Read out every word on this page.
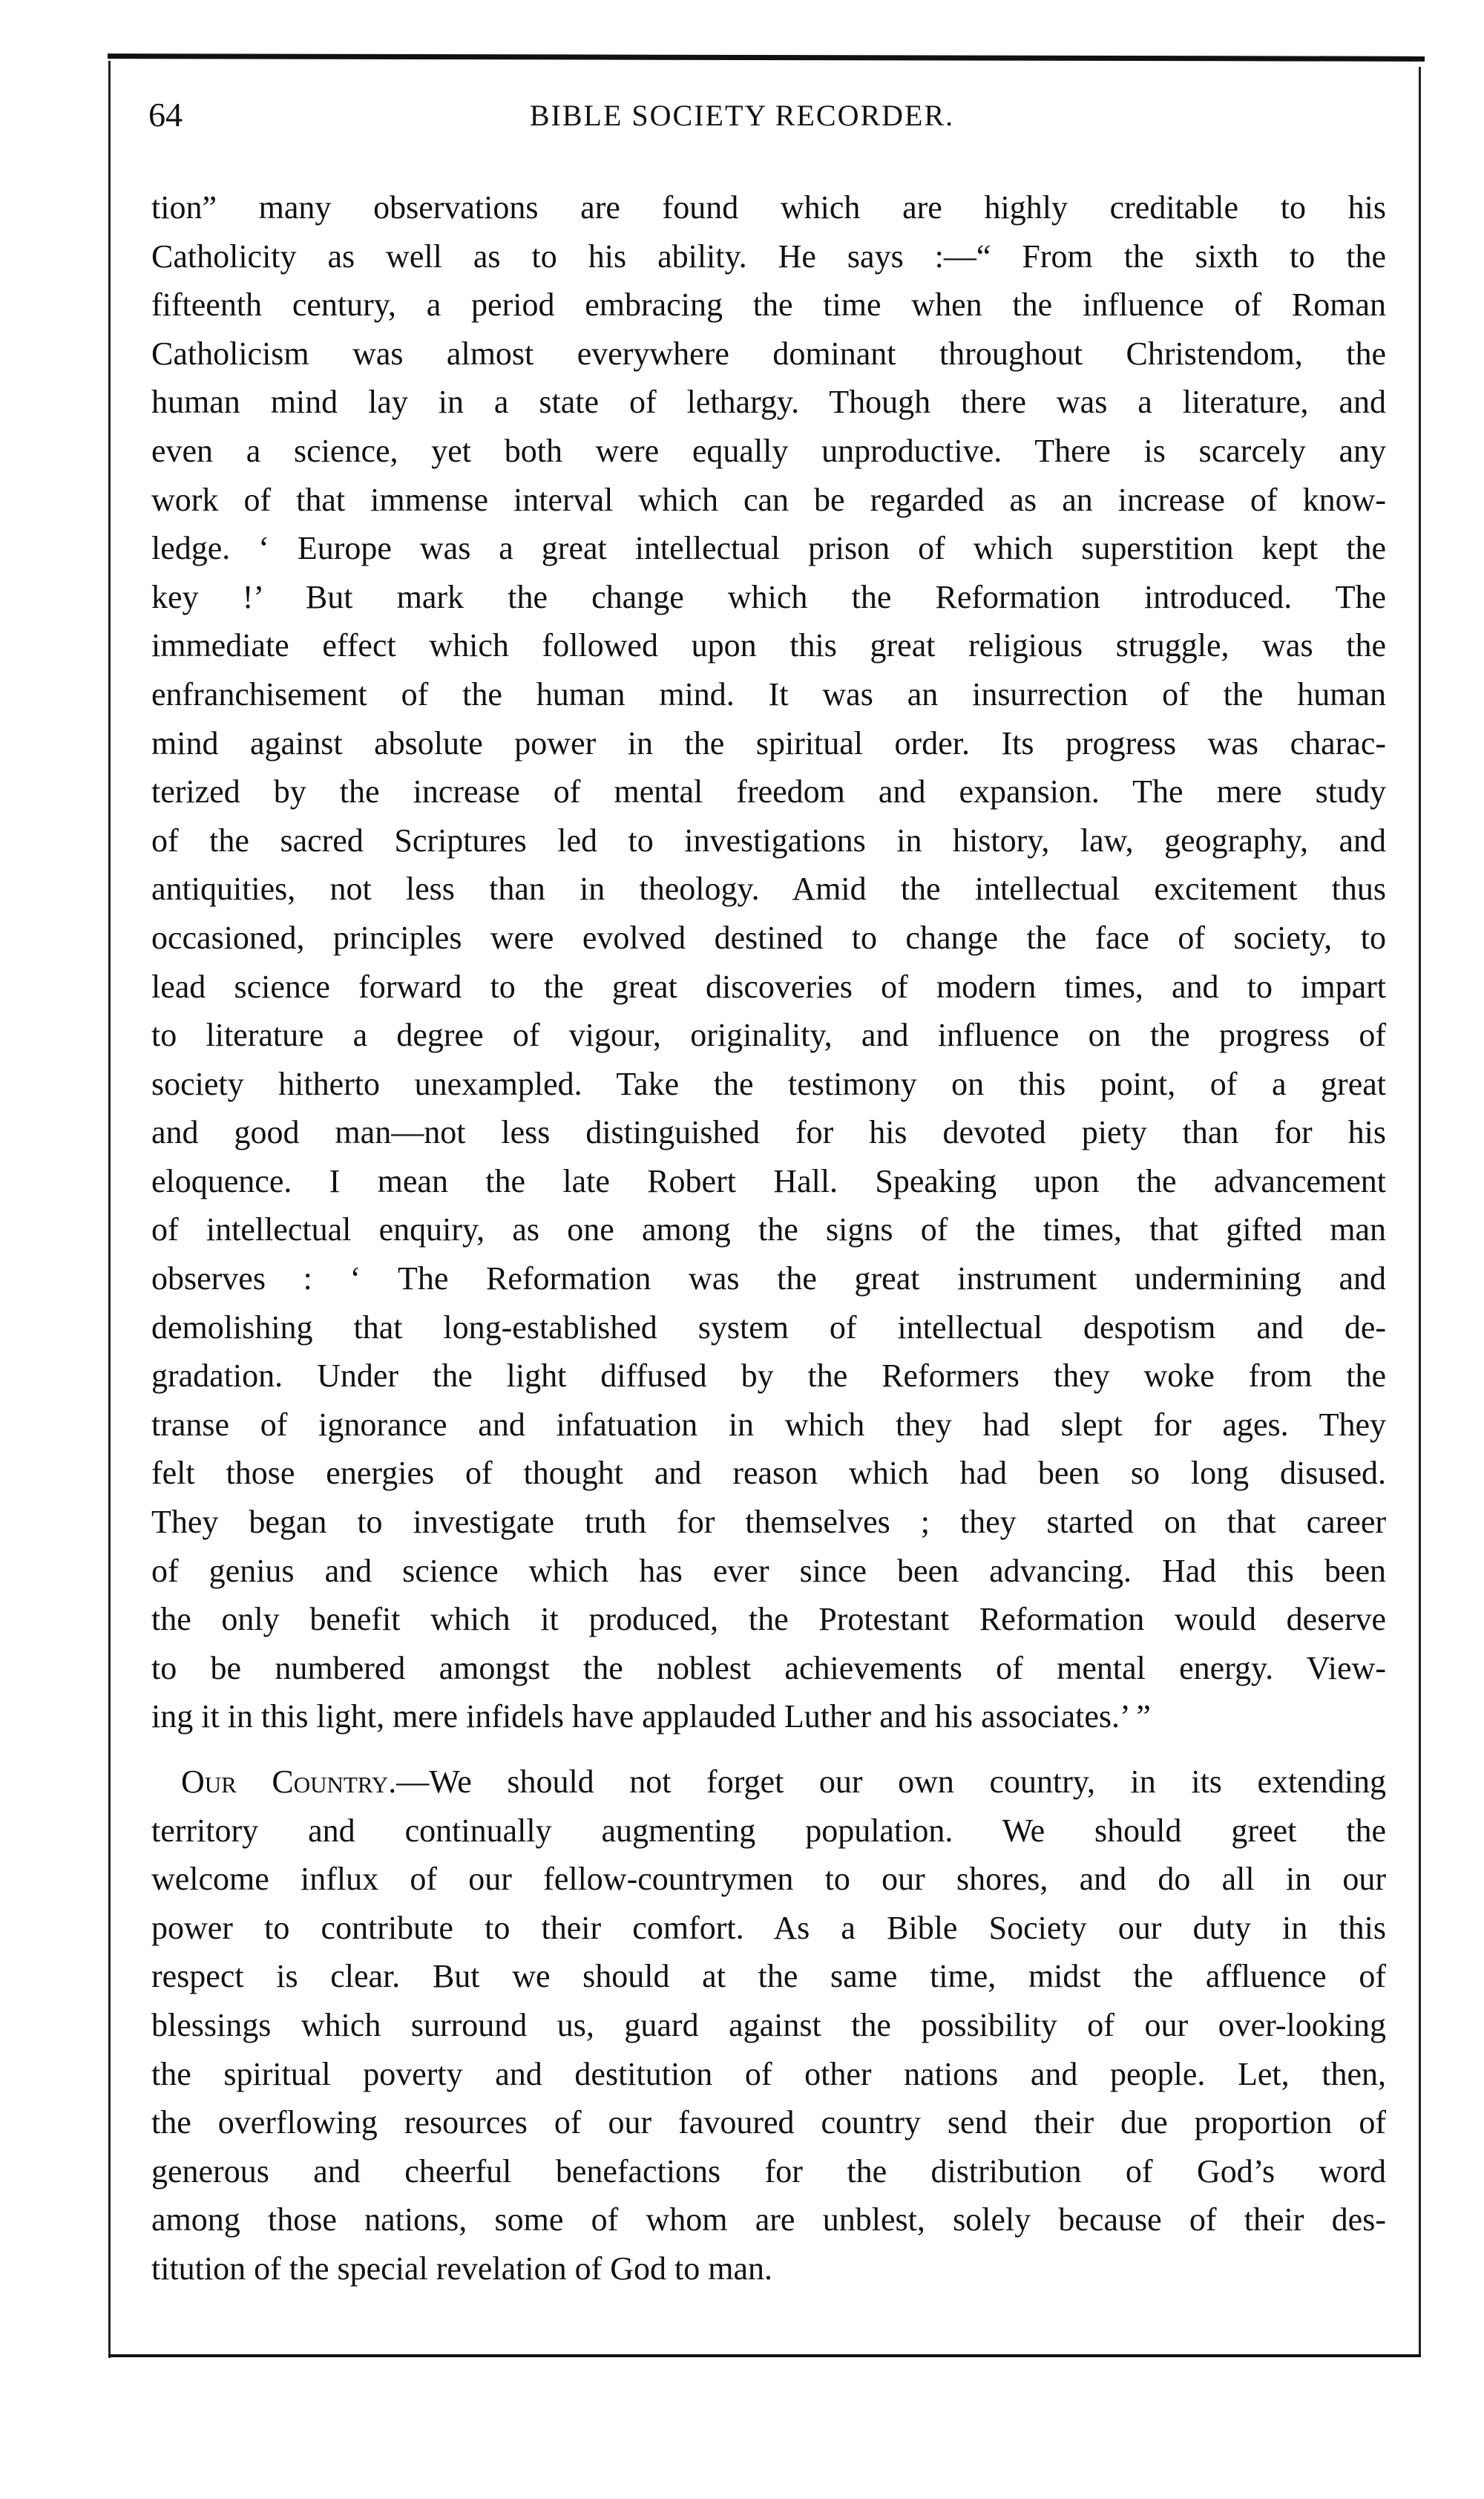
64	BIBLE SOCIETY RECORDER.
tion” many observations are found which are highly creditable to his
Catholicity as well as to his ability. He says :—“ From the sixth to the
fifteenth century, a period embracing the time when the influence of Roman
Catholicism was almost everywhere dominant throughout Christendom, the
human mind lay in a state of lethargy. Though there was a literature, and
even a science, yet both were equally unproductive. There is scarcely any
work of that immense interval which can be regarded as an increase of know-
ledge. ‘ Europe was a great intellectual prison of which superstition kept the
key !’ But mark the change which the Reformation introduced. The
immediate effect which followed upon this great religious struggle, was the
enfranchisement of the human mind. It was an insurrection of the human
mind against absolute power in the spiritual order. Its progress was charac-
terized by the increase of mental freedom and expansion. The mere study
of the sacred Scriptures led to investigations in history, law, geography, and
antiquities, not less than in theology. Amid the intellectual excitement thus
occasioned, principles were evolved destined to change the face of society, to
lead science forward to the great discoveries of modern times, and to impart
to literature a degree of vigour, originality, and influence on the progress of
society hitherto unexampled. Take the testimony on this point, of a great
and good man—not less distinguished for his devoted piety than for his
eloquence. I mean the late Robert Hall. Speaking upon the advancement
of intellectual enquiry, as one among the signs of the times, that gifted man
observes : ‘ The Reformation was the great instrument undermining and
demolishing that long-established system of intellectual despotism and de-
gradation. Under the light diffused by the Reformers they woke from the
transe of ignorance and infatuation in which they had slept for ages. They
felt those energies of thought and reason which had been so long disused.
They began to investigate truth for themselves ; they started on that career
of genius and science which has ever since been advancing. Had this been
the only benefit which it produced, the Protestant Reformation would deserve
to be numbered amongst the noblest achievements of mental energy. View-
ing it in this light, mere infidels have applauded Luther and his associates.’ ”
Our Country.—We should not forget our own country, in its extending
territory and continually augmenting population. We should greet the
welcome influx of our fellow-countrymen to our shores, and do all in our
power to contribute to their comfort. As a Bible Society our duty in this
respect is clear. But we should at the same time, midst the affluence of
blessings which surround us, guard against the possibility of our over-looking
the spiritual poverty and destitution of other nations and people. Let, then,
the overflowing resources of our favoured country send their due proportion of
generous and cheerful benefactions for the distribution of God’s word
among those nations, some of whom are unblest, solely because of their des-
titution of the special revelation of God to man.
